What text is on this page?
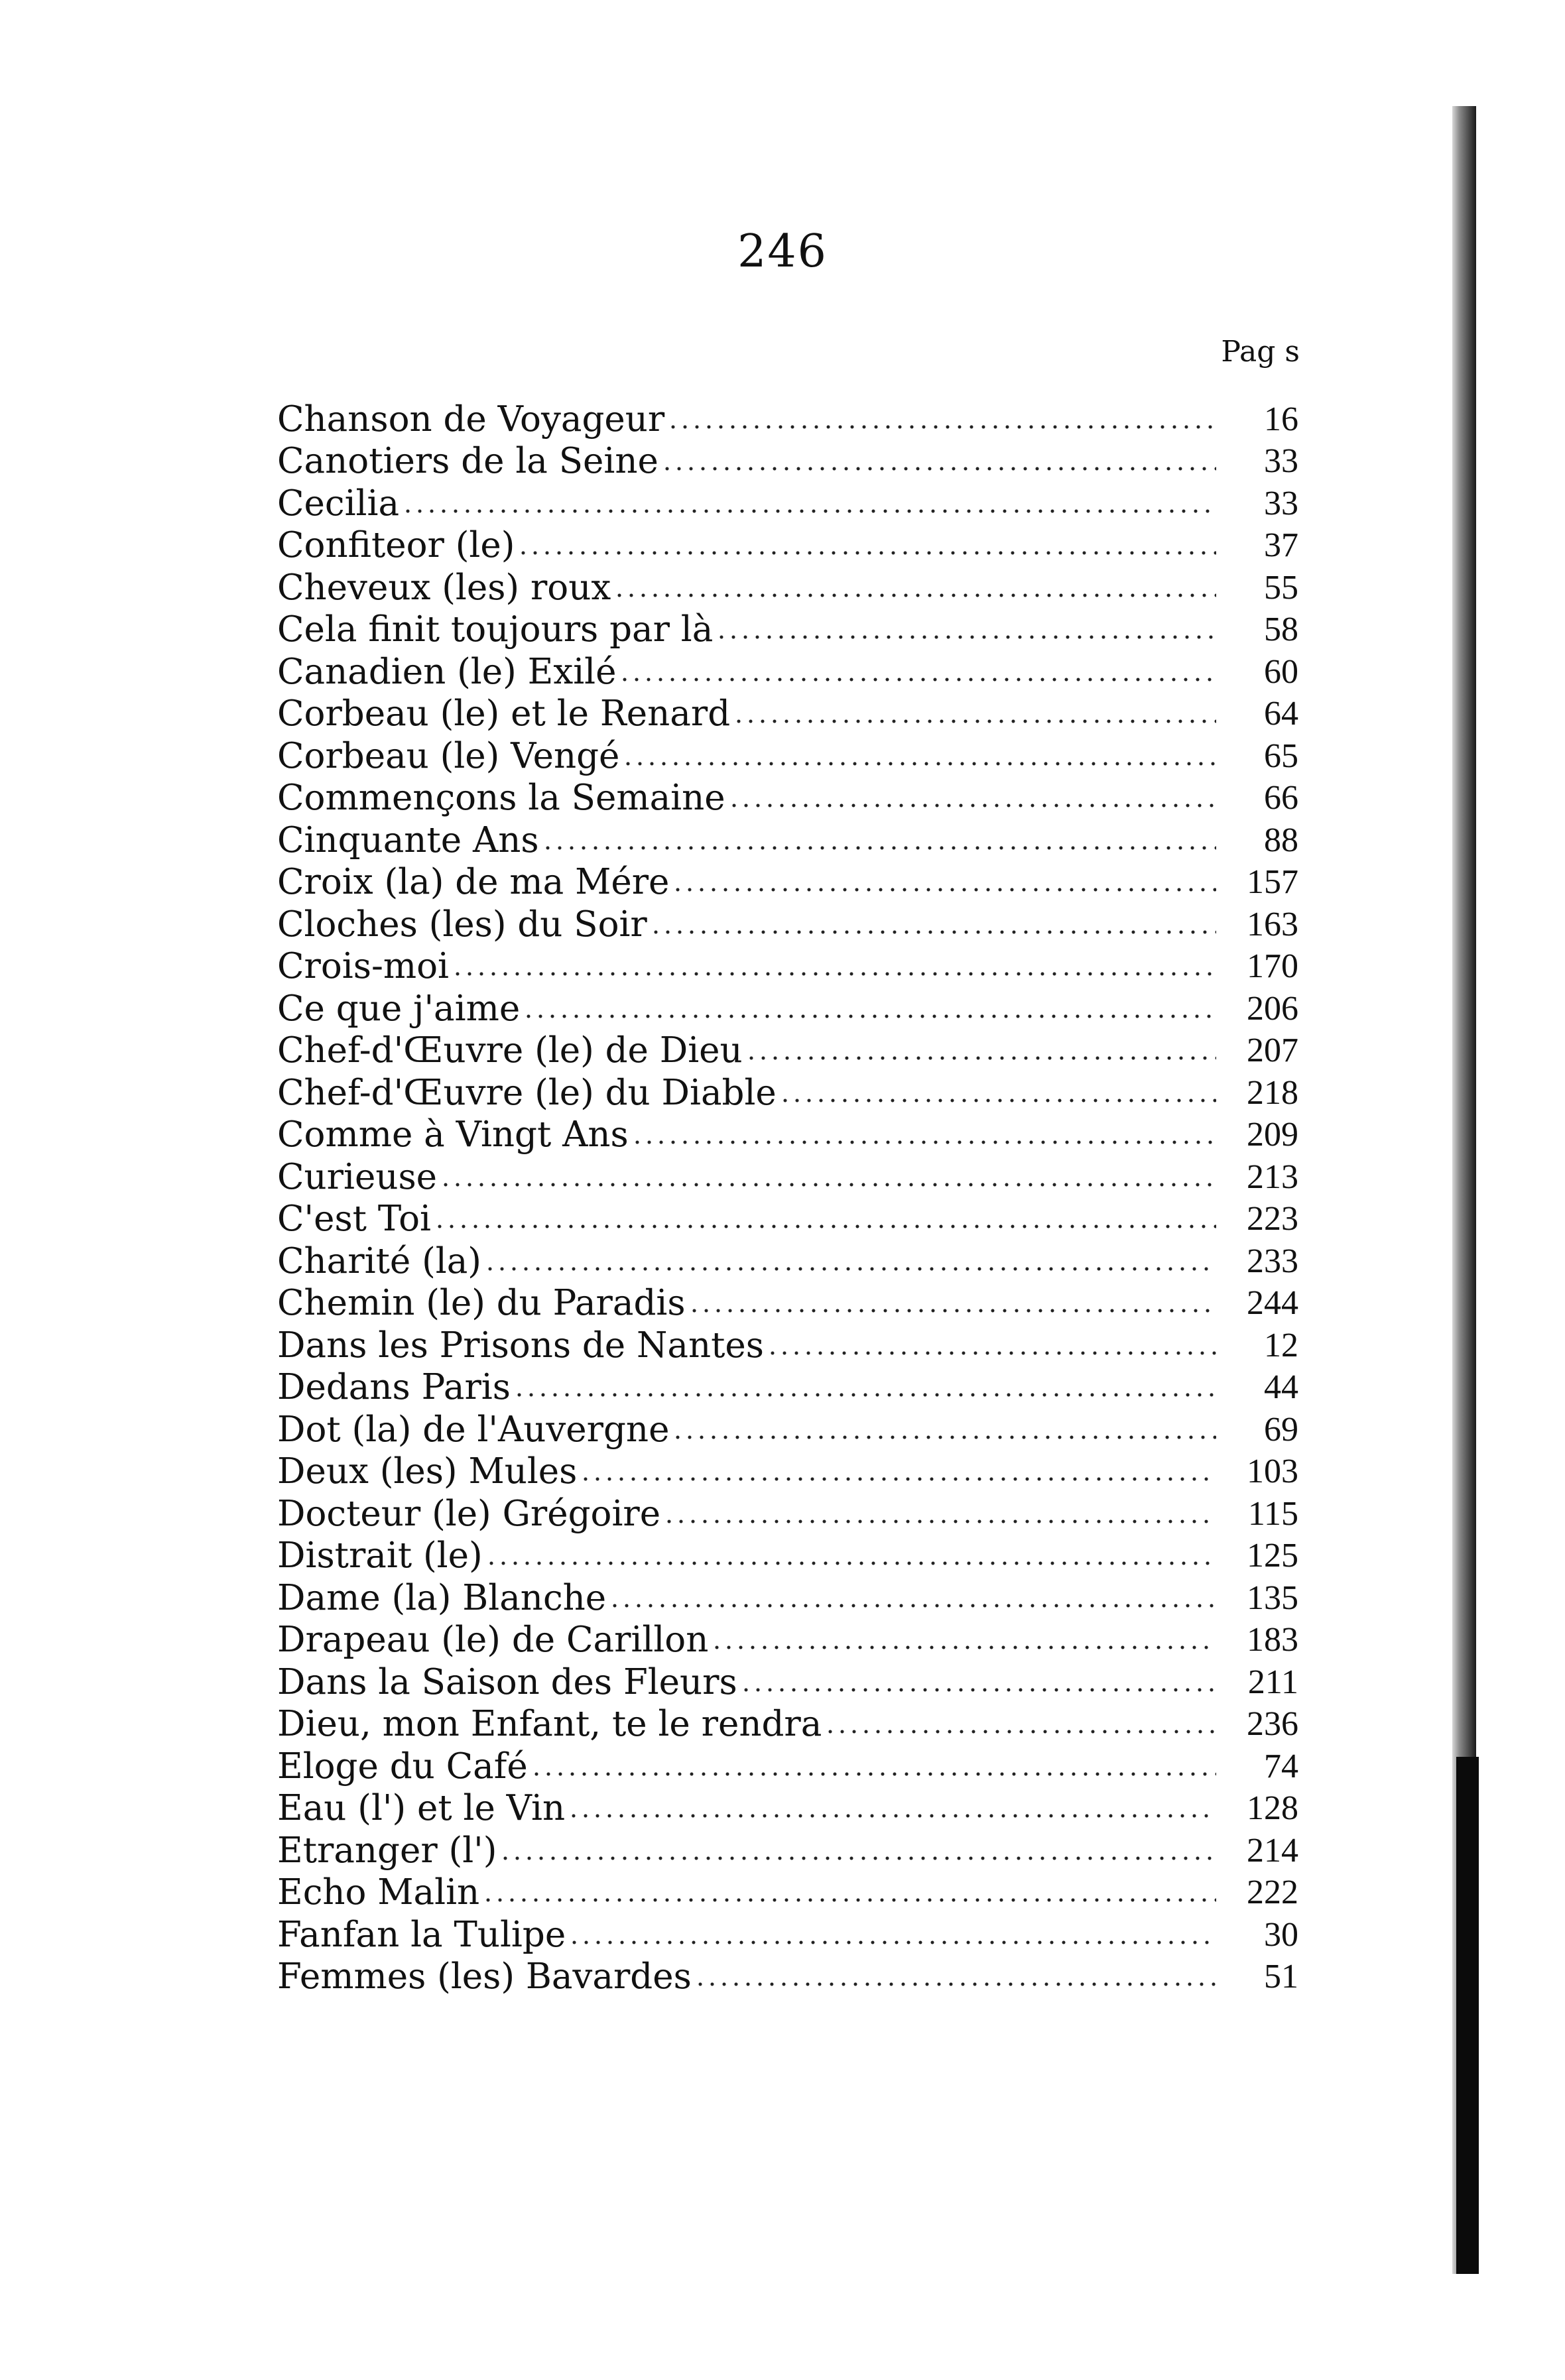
246
Pag s
Chanson de Voyageur	16
Canotiers de la Seine	33
Cecilia	33
Confiteor (le)	37
Cheveux (les) roux	55
Cela finit toujours par là	58
Canadien (le) Exilé	60
Corbeau (le) et le Renard	64
Corbeau (le) Vengé	65
Commençons la Semaine	66
Cinquante Ans	88
Croix (la) de ma Mére	157
Cloches (les) du Soir	163
Crois-moi	170
Ce que j'aime	206
Chef-d'Œuvre (le) de Dieu	207
Chef-d'Œuvre (le) du Diable	218
Comme à Vingt Ans	209
Curieuse	213
C'est Toi	223
Charité (la)	233
Chemin (le) du Paradis	244
Dans les Prisons de Nantes	12
Dedans Paris	44
Dot (la) de l'Auvergne	69
Deux (les) Mules	103
Docteur (le) Grégoire	115
Distrait (le)	125
Dame (la) Blanche	135
Drapeau (le) de Carillon	183
Dans la Saison des Fleurs	211
Dieu, mon Enfant, te le rendra	236
Eloge du Café	74
Eau (l') et le Vin	128
Etranger (l')	214
Echo Malin	222
Fanfan la Tulipe	30
Femmes (les) Bavardes	51
